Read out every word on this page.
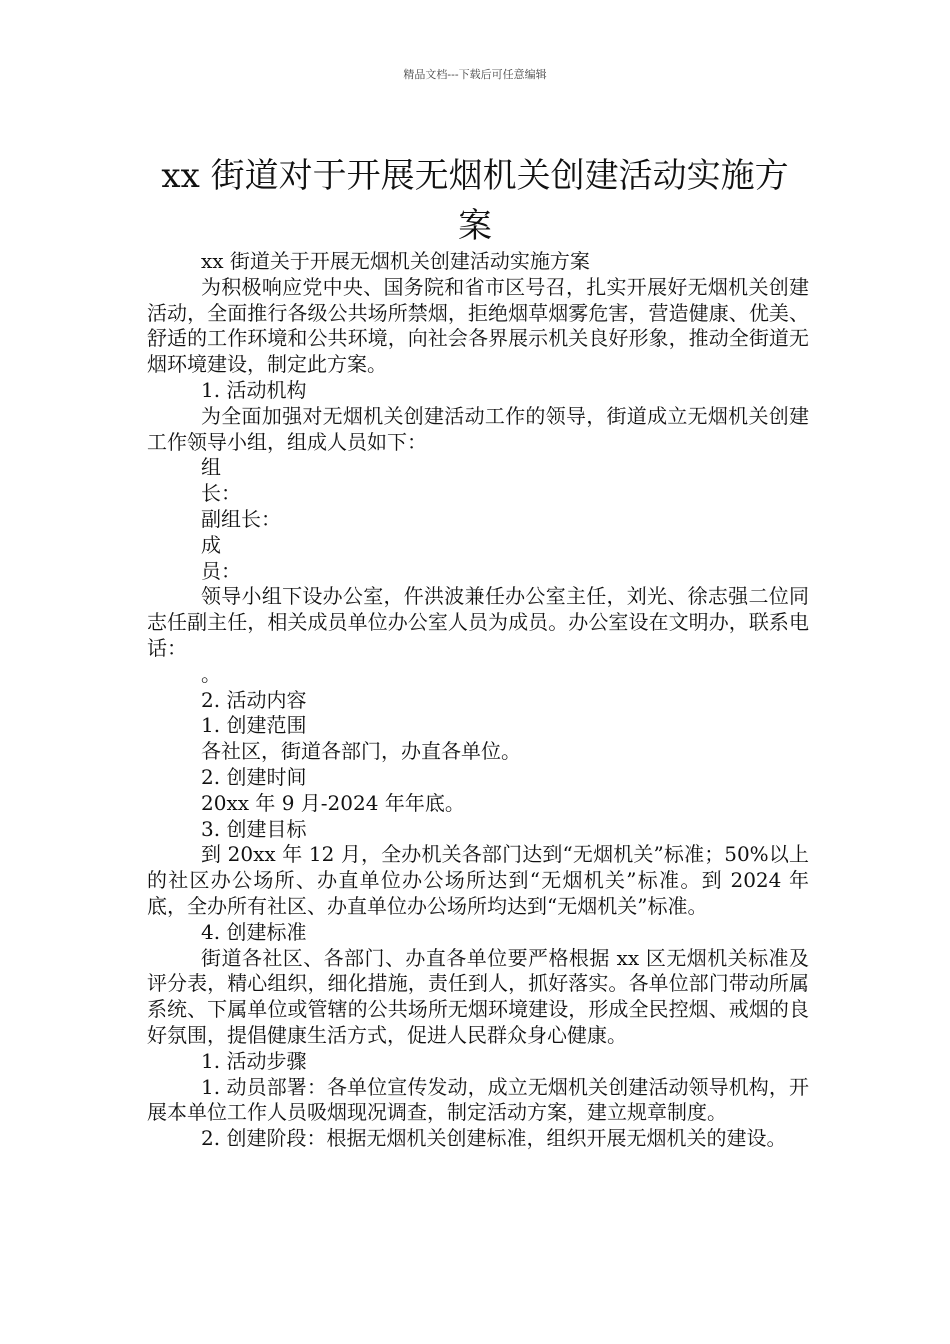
精品文档---下载后可任意编辑
xx 街道对于开展无烟机关创建活动实施方案

xx 街道关于开展无烟机关创建活动实施方案

为积极响应党中央、国务院和省市区号召，扎实开展好无烟机关创建活动，全面推行各级公共场所禁烟，拒绝烟草烟雾危害，营造健康、优美、舒适的工作环境和公共环境，向社会各界展示机关良好形象，推动全街道无烟环境建设，制定此方案。

1. 活动机构

为全面加强对无烟机关创建活动工作的领导，街道成立无烟机关创建工作领导小组，组成人员如下：

组

长：

副组长：

成

员：

领导小组下设办公室，仵洪波兼任办公室主任，刘光、徐志强二位同志任副主任，相关成员单位办公室人员为成员。办公室设在文明办，联系电话：

。

2. 活动内容

1. 创建范围

各社区，街道各部门，办直各单位。

2. 创建时间

20xx 年 9 月-2024 年年底。

3. 创建目标

到 20xx 年 12 月，全办机关各部门达到“无烟机关”标准；50%以上的社区办公场所、办直单位办公场所达到“无烟机关”标准。到 2024 年底，全办所有社区、办直单位办公场所均达到“无烟机关”标准。

4. 创建标准

街道各社区、各部门、办直各单位要严格根据 xx 区无烟机关标准及评分表，精心组织，细化措施，责任到人，抓好落实。各单位部门带动所属系统、下属单位或管辖的公共场所无烟环境建设，形成全民控烟、戒烟的良好氛围，提倡健康生活方式，促进人民群众身心健康。

1. 活动步骤

1. 动员部署：各单位宣传发动，成立无烟机关创建活动领导机构，开展本单位工作人员吸烟现况调查，制定活动方案，建立规章制度。

2. 创建阶段：根据无烟机关创建标准，组织开展无烟机关的建设。
